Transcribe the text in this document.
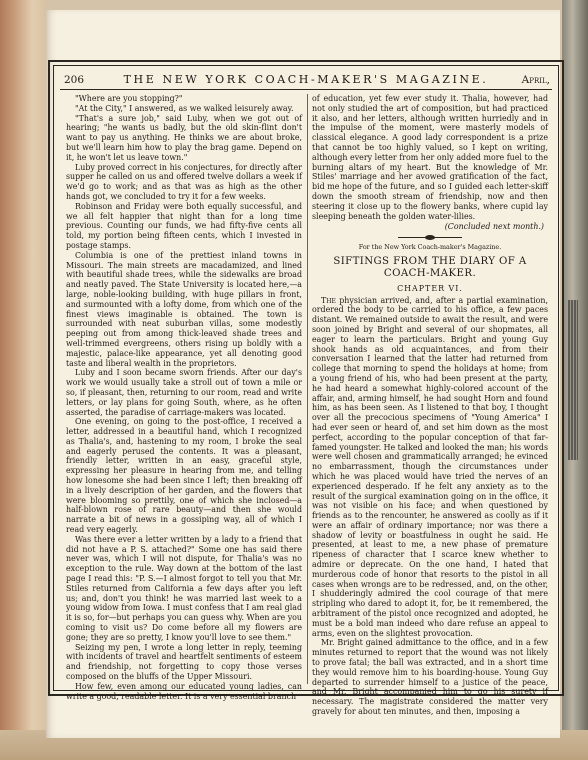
206	THE NEW YORK COACH-MAKER'S MAGAZINE.	April,

"Where are you stopping?"

"At the City," I answered, as we walked leisurely away.

"That's a sure job," said Luby, when we got out of hearing; "he wants us badly, but the old skin-flint don't want to pay us anything. He thinks we are about broke, but we'll learn him how to play the brag game. Depend on it, he won't let us leave town."

Luby proved correct in his conjectures, for directly after supper he called on us and offered twelve dollars a week if we'd go to work; and as that was as high as the other hands got, we concluded to try it for a few weeks.

Robinson and Friday were both equally successful, and we all felt happier that night than for a long time previous. Counting our funds, we had fifty-five cents all told, my portion being fifteen cents, which I invested in postage stamps.

Columbia is one of the prettiest inland towns in Missouri. The main streets are macadamized, and lined with beautiful shade trees, while the sidewalks are broad and neatly paved. The State University is located here,—a large, noble-looking building, with huge pillars in front, and surmounted with a lofty dome, from which one of the finest views imaginable is obtained. The town is surrounded with neat suburban villas, some modestly peeping out from among thick-leaved shade trees and well-trimmed evergreens, others rising up boldly with a majestic, palace-like appearance, yet all denoting good taste and liberal wealth in the proprietors.

Luby and I soon became sworn friends. After our day's work we would usually take a stroll out of town a mile or so, if pleasant, then, returning to our room, read and write letters, or lay plans for going South, where, as he often asserted, the paradise of carriage-makers was located.

One evening, on going to the post-office, I received a letter, addressed in a beautiful hand, which I recognized as Thalia's, and, hastening to my room, I broke the seal and eagerly perused the contents. It was a pleasant, friendly letter, written in an easy, graceful style, expressing her pleasure in hearing from me, and telling how lonesome she had been since I left; then breaking off in a lively description of her garden, and the flowers that were blooming so prettily, one of which she inclosed—a half-blown rose of rare beauty—and then she would narrate a bit of news in a gossiping way, all of which I read very eagerly.

Was there ever a letter written by a lady to a friend that did not have a P. S. attached?" Some one has said there never was, which I will not dispute, for Thalia's was no exception to the rule. Way down at the bottom of the last page I read this: "P. S.—I almost forgot to tell you that Mr. Stiles returned from California a few days after you left us; and, don't you think! he was married last week to a young widow from Iowa. I must confess that I am real glad it is so, for—but perhaps you can guess why. When are you coming to visit us? Do come before all my flowers are gone; they are so pretty, I know you'll love to see them."

Seizing my pen, I wrote a long letter in reply, teeming with incidents of travel and heartfelt sentiments of esteem and friendship, not forgetting to copy those verses composed on the bluffs of the Upper Missouri.

How few, even among our educated young ladies, can write a good, readable letter. It is a very essential branch

of education, yet few ever study it. Thalia, however, had not only studied the art of composition, but had practiced it also, and her letters, although written hurriedly and in the impulse of the moment, were masterly models of classical elegance. A good lady correspondent is a prize that cannot be too highly valued, so I kept on writing, although every letter from her only added more fuel to the burning altars of my heart. But the knowledge of Mr. Stiles' marriage and her avowed gratification of the fact, bid me hope of the future, and so I guided each letter-skiff down the smooth stream of friendship, now and then steering it close up to the flowery banks, where cupid lay sleeping beneath the golden water-lilies.

(Concluded next month.)
For the New York Coach-maker's Magazine.
SIFTINGS FROM THE DIARY OF A COACH-MAKER.
CHAPTER VI.

The physician arrived, and, after a partial examination, ordered the body to be carried to his office, a few paces distant. We remained outside to await the result, and were soon joined by Bright and several of our shopmates, all eager to learn the particulars. Bright and young Guy shook hands as old acquaintances, and from their conversation I learned that the latter had returned from college that morning to spend the holidays at home; from a young friend of his, who had been present at the party, he had heard a somewhat highly-colored account of the affair, and, arming himself, he had sought Horn and found him, as has been seen. As I listened to that boy, I thought over all the precocious specimens of "Young America" I had ever seen or heard of, and set him down as the most perfect, according to the popular conception of that far-famed youngster. He talked and looked the man; his words were well chosen and grammatically arranged; he evinced no embarrassment, though the circumstances under which he was placed would have tried the nerves of an experienced desperado. If he felt any anxiety as to the result of the surgical examination going on in the office, it was not visible on his face; and when questioned by friends as to the rencounter, he answered as coolly as if it were an affair of ordinary importance; nor was there a shadow of levity or boastfulness in ought he said. He presented, at least to me, a new phase of premature ripeness of character that I scarce knew whether to admire or deprecate. On the one hand, I hated that murderous code of honor that resorts to the pistol in all cases when wrongs are to be redressed, and, on the other, I shudderingly admired the cool courage of that mere stripling who dared to adopt it, for, be it remembered, the arbitrament of the pistol once recognized and adopted, he must be a bold man indeed who dare refuse an appeal to arms, even on the slightest provocation.

Mr. Bright gained admittance to the office, and in a few minutes returned to report that the wound was not likely to prove fatal; the ball was extracted, and in a short time they would remove him to his boarding-house. Young Guy departed to surrender himself to a justice of the peace, and Mr. Bright accompanied him to go his surety if necessary. The magistrate considered the matter very gravely for about ten minutes, and then, imposing a
